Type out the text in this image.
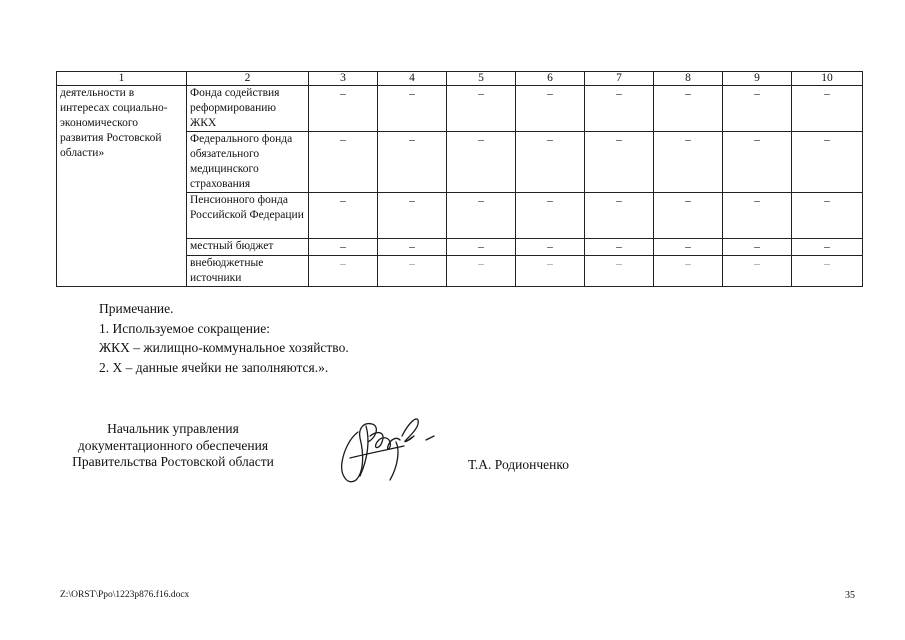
1	2	3	4	5	6	7	8	9	10
деятельности в интересах социально-экономического развития Ростовской области»	Фонда содействия реформированию ЖКХ	–	–	–	–	–	–	–	–
	Федерального фонда обязательного медицинского страхования	–	–	–	–	–	–	–	–
	Пенсионного фонда Российской Федерации	–	–	–	–	–	–	–	–
	местный бюджет	–	–	–	–	–	–	–	–
	внебюджетные источники	–	–	–	–	–	–	–	–
Примечание.
1. Используемое сокращение:
ЖКХ – жилищно-коммунальное хозяйство.
2. Х – данные ячейки не заполняются.».
Начальник управления
документационного обеспечения
Правительства Ростовской области	Т.А. Родионченко
Z:\ORST\Ppo\1223p876.f16.docx	35
